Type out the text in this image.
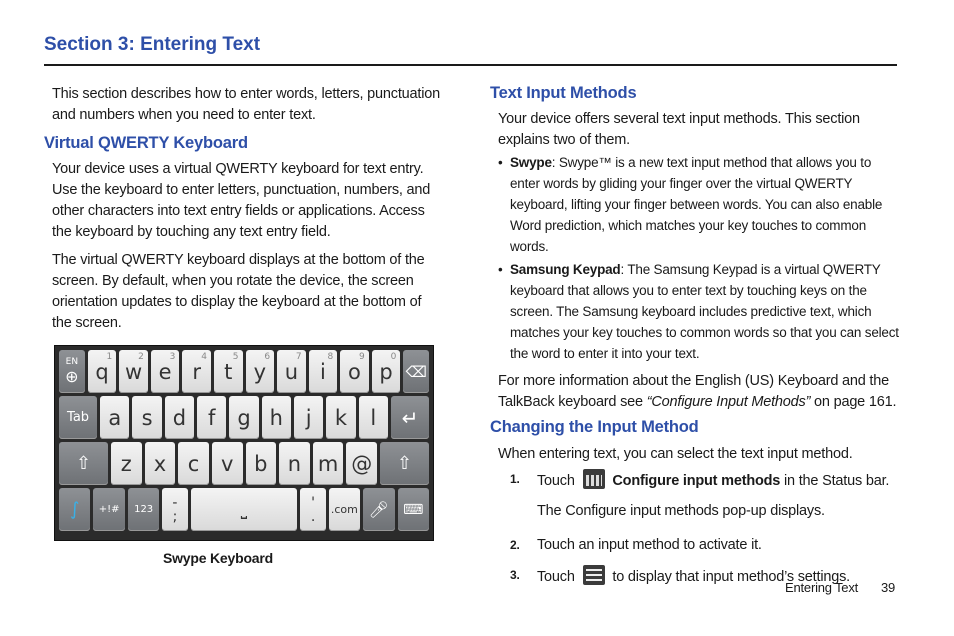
Section 3: Entering Text

This section describes how to enter words, letters, punctuation and numbers when you need to enter text.

Virtual QWERTY Keyboard

Your device uses a virtual QWERTY keyboard for text entry. Use the keyboard to enter letters, punctuation, numbers, and other characters into text entry fields or applications. Access the keyboard by touching any text entry field.

The virtual QWERTY keyboard displays at the bottom of the screen. By default, when you rotate the device, the screen orientation updates to display the keyboard at the bottom of the screen.

EN
⊕ q
1
w
2
e
3
r
4
t
5
y
6
u
7
i
8
o
9
p
0
⌫
Tab a s d	f	g h	j	k	l	↵
⇧	z	x	c	v b n m @	⇧
∫	+!#	123	-
;	⎵	'
. .com 🎤︎	⌨
Swype Keyboard
Text Input Methods

Your device offers several text input methods. This section explains two of them.

• Swype: Swype™ is a new text input method that allows you to enter words by gliding your finger over the virtual QWERTY keyboard, lifting your finger between words. You can also enable Word prediction, which matches your key touches to common words.
• Samsung Keypad: The Samsung Keypad is a virtual QWERTY keyboard that allows you to enter text by touching keys on the screen. The Samsung keyboard includes predictive text, which matches your key touches to common words so that you can select the word to enter it into your text.

For more information about the English (US) Keyboard and the TalkBack keyboard see “Configure Input Methods” on page 161.

Changing the Input Method

When entering text, you can select the text input method.

1. Touch	Configure input methods in the Status bar.
The Configure input methods pop-up displays.
2. Touch an input method to activate it.
3. Touch
to display that input method’s settings.
Entering Text 39
